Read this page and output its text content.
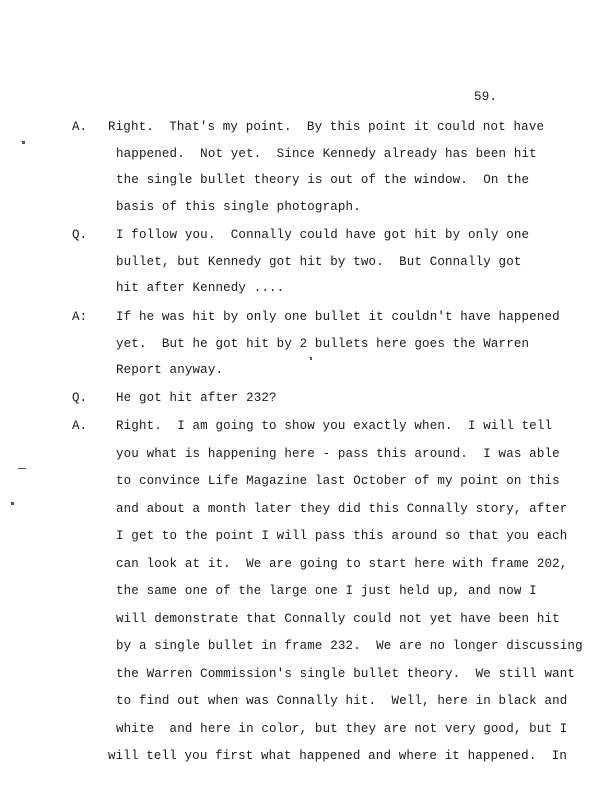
59.
A. Right.  That's my point.  By this point it could not have
happened.  Not yet.  Since Kennedy already has been hit
the single bullet theory is out of the window.  On the
basis of this single photograph.
Q. I follow you.  Connally could have got hit by only one
bullet, but Kennedy got hit by two.  But Connally got
hit after Kennedy ....
A: If he was hit by only one bullet it couldn't have happened
yet.  But he got hit by 2 bullets here goes the Warren
Report anyway.
Q. He got hit after 232?
A. Right.  I am going to show you exactly when.  I will tell
you what is happening here - pass this around.  I was able
to convince Life Magazine last October of my point on this
and about a month later they did this Connally story, after
I get to the point I will pass this around so that you each
can look at it.  We are going to start here with frame 202,
the same one of the large one I just held up, and now I
will demonstrate that Connally could not yet have been hit
by a single bullet in frame 232.  We are no longer discussing
the Warren Commission's single bullet theory.  We still want
to find out when was Connally hit.  Well, here in black and
white  and here in color, but they are not very good, but I
will tell you first what happened and where it happened.  In
